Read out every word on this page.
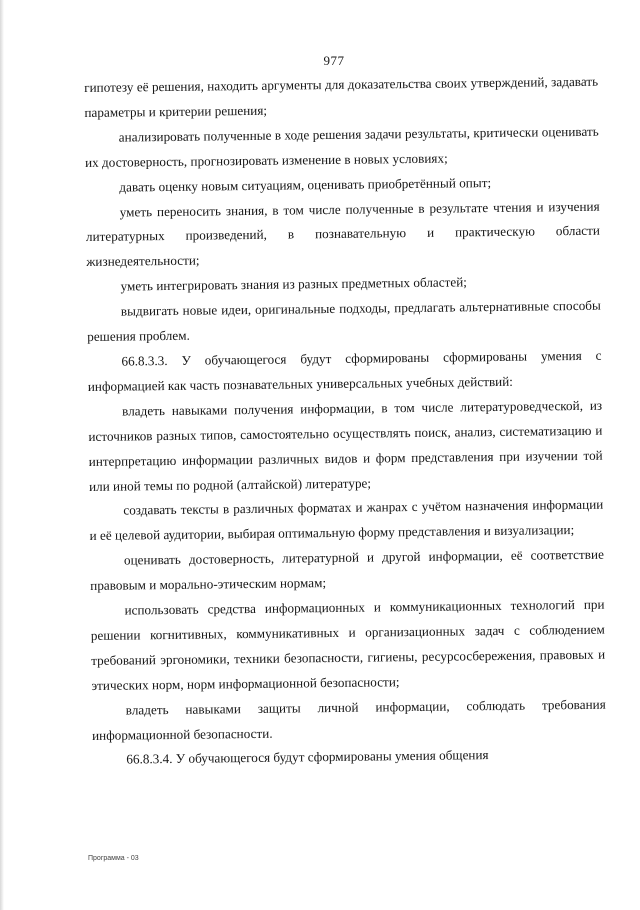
977

гипотезу её решения, находить аргументы для доказательства своих утверждений, задавать параметры и критерии решения;

анализировать полученные в ходе решения задачи результаты, критически оценивать их достоверность, прогнозировать изменение в новых условиях;

давать оценку новым ситуациям, оценивать приобретённый опыт;

уметь переносить знания, в том числе полученные в результате чтения и изучения литературных произведений, в познавательную и практическую области жизнедеятельности;

уметь интегрировать знания из разных предметных областей;

выдвигать новые идеи, оригинальные подходы, предлагать альтернативные способы решения проблем.

66.8.3.3. У обучающегося будут сформированы сформированы умения с информацией как часть познавательных универсальных учебных действий:

владеть навыками получения информации, в том числе литературоведческой, из источников разных типов, самостоятельно осуществлять поиск, анализ, систематизацию и интерпретацию информации различных видов и форм представления при изучении той или иной темы по родной (алтайской) литературе;

создавать тексты в различных форматах и жанрах с учётом назначения информации и её целевой аудитории, выбирая оптимальную форму представления и визуализации;

оценивать достоверность, литературной и другой информации, её соответствие правовым и морально-этическим нормам;

использовать средства информационных и коммуникационных технологий при решении когнитивных, коммуникативных и организационных задач с соблюдением требований эргономики, техники безопасности, гигиены, ресурсосбережения, правовых и этических норм, норм информационной безопасности;

владеть навыками защиты личной информации, соблюдать требования информационной безопасности.

66.8.3.4. У обучающегося будут сформированы умения общения

Программа - 03
